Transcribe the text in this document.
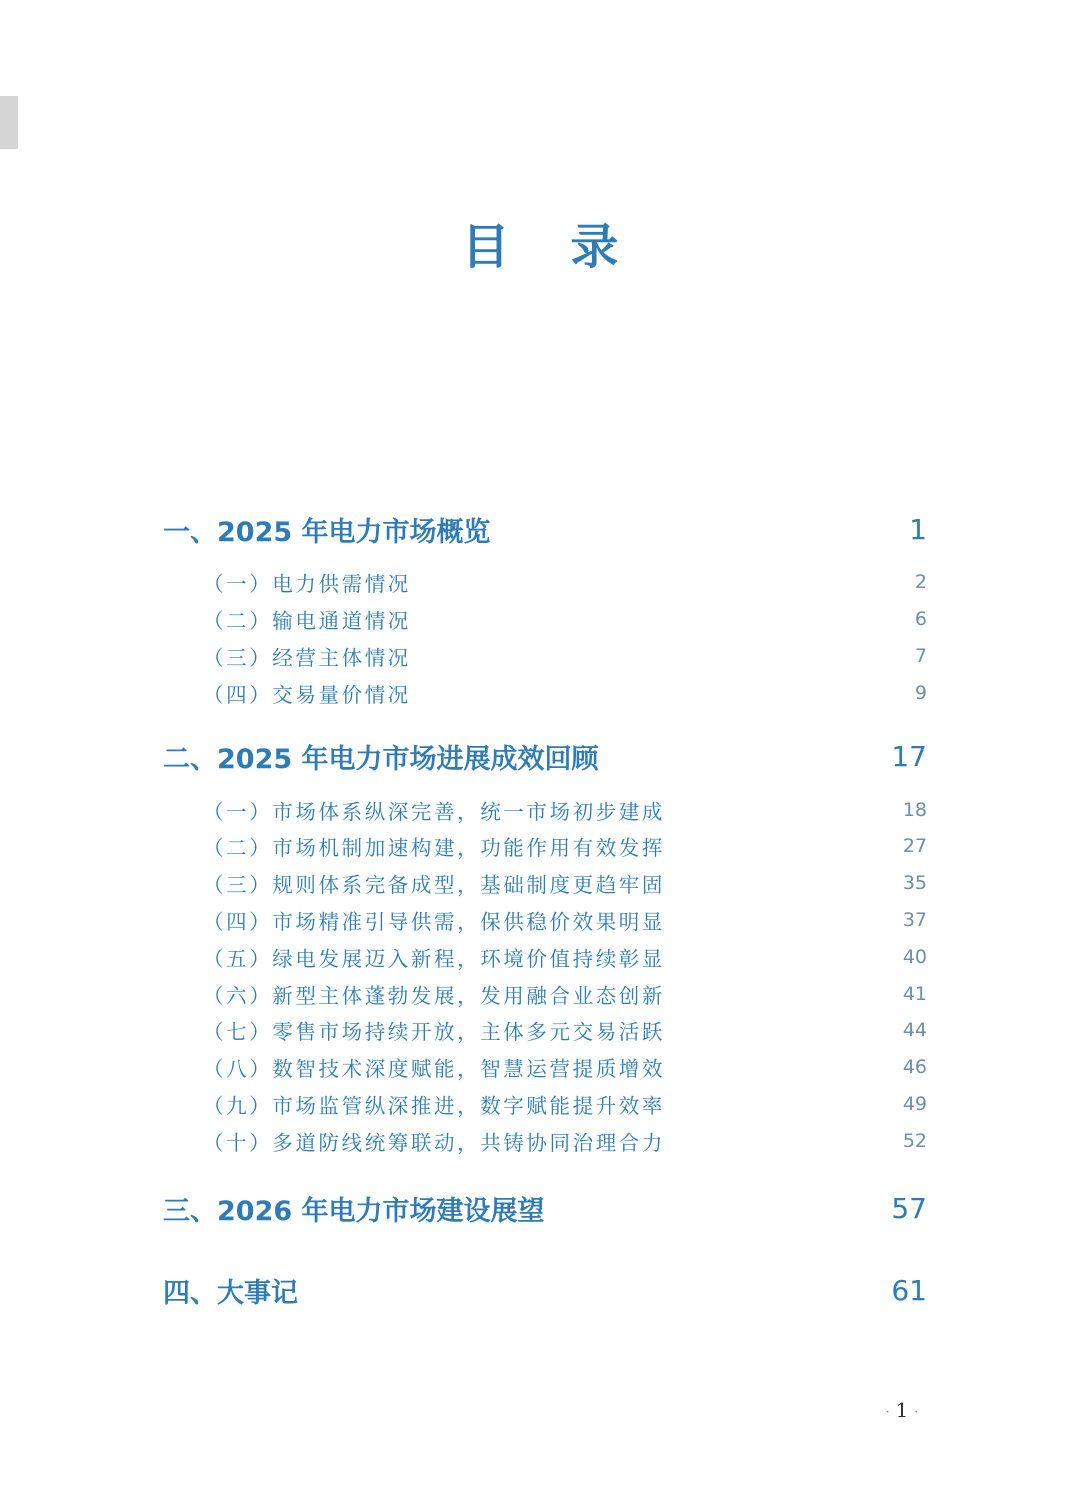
目 录
一、2025 年电力市场概览	1
（一）电力供需情况	2
（二）输电通道情况	6
（三）经营主体情况	7
（四）交易量价情况	9
二、2025 年电力市场进展成效回顾	17
（一）市场体系纵深完善，统一市场初步建成	18
（二）市场机制加速构建，功能作用有效发挥	27
（三）规则体系完备成型，基础制度更趋牢固	35
（四）市场精准引导供需，保供稳价效果明显	37
（五）绿电发展迈入新程，环境价值持续彰显	40
（六）新型主体蓬勃发展，发用融合业态创新	41
（七）零售市场持续开放，主体多元交易活跃	44
（八）数智技术深度赋能，智慧运营提质增效	46
（九）市场监管纵深推进，数字赋能提升效率	49
（十）多道防线统筹联动，共铸协同治理合力	52
三、2026 年电力市场建设展望	57
四、大事记	61
· 1 ·
